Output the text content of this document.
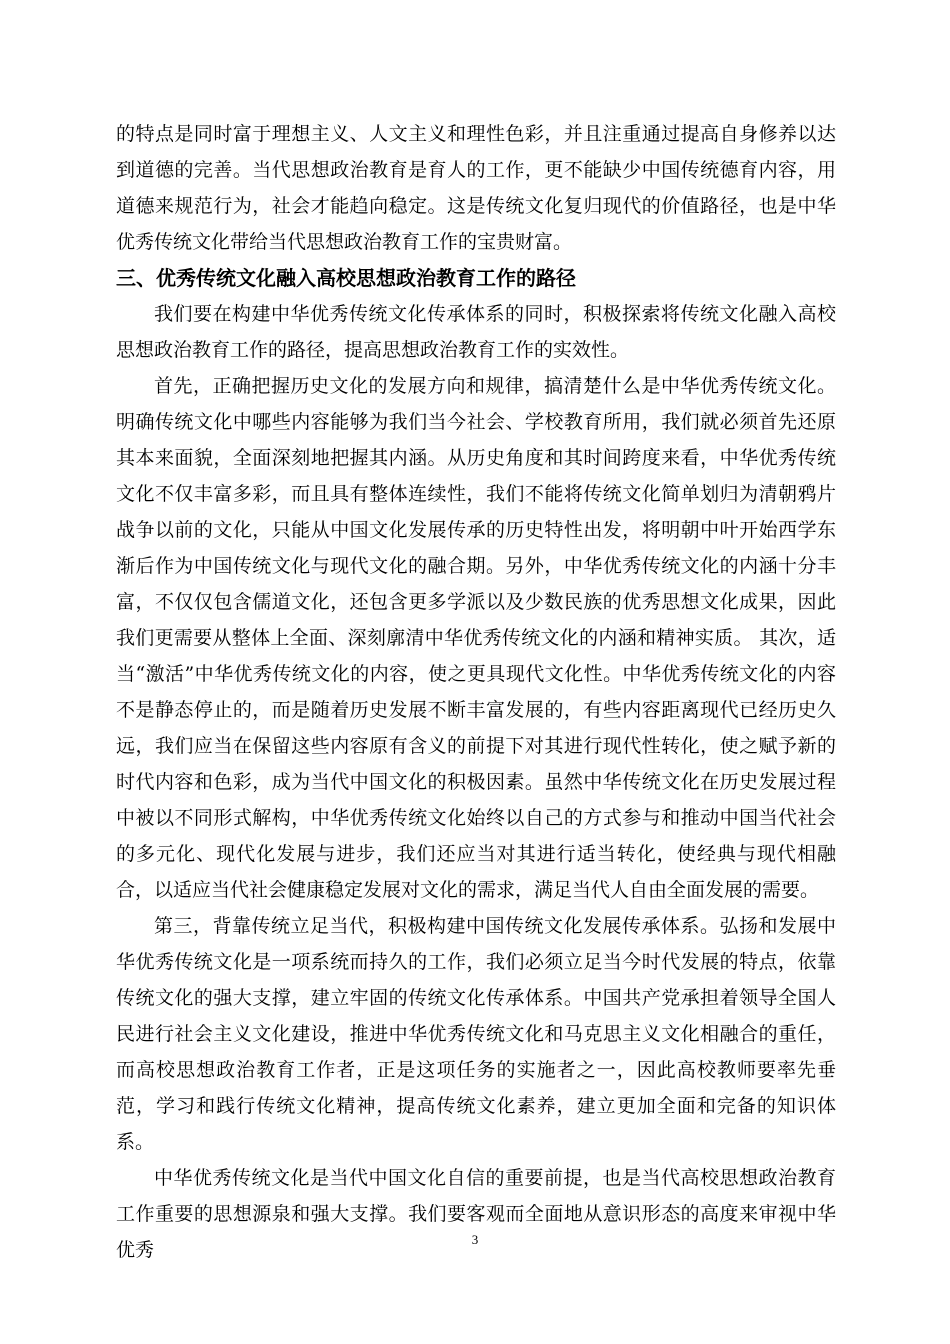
的特点是同时富于理想主义、人文主义和理性色彩，并且注重通过提高自身修养以达到道德的完善。当代思想政治教育是育人的工作，更不能缺少中国传统德育内容，用道德来规范行为，社会才能趋向稳定。这是传统文化复归现代的价值路径，也是中华优秀传统文化带给当代思想政治教育工作的宝贵财富。

三、优秀传统文化融入高校思想政治教育工作的路径

我们要在构建中华优秀传统文化传承体系的同时，积极探索将传统文化融入高校思想政治教育工作的路径，提高思想政治教育工作的实效性。

首先，正确把握历史文化的发展方向和规律，搞清楚什么是中华优秀传统文化。明确传统文化中哪些内容能够为我们当今社会、学校教育所用，我们就必须首先还原其本来面貌，全面深刻地把握其内涵。从历史角度和其时间跨度来看，中华优秀传统文化不仅丰富多彩，而且具有整体连续性，我们不能将传统文化简单划归为清朝鸦片战争以前的文化，只能从中国文化发展传承的历史特性出发，将明朝中叶开始西学东渐后作为中国传统文化与现代文化的融合期。另外，中华优秀传统文化的内涵十分丰富，不仅仅包含儒道文化，还包含更多学派以及少数民族的优秀思想文化成果，因此我们更需要从整体上全面、深刻廓清中华优秀传统文化的内涵和精神实质。 其次，适当“激活”中华优秀传统文化的内容，使之更具现代文化性。中华优秀传统文化的内容不是静态停止的，而是随着历史发展不断丰富发展的，有些内容距离现代已经历史久远，我们应当在保留这些内容原有含义的前提下对其进行现代性转化，使之赋予新的时代内容和色彩，成为当代中国文化的积极因素。虽然中华传统文化在历史发展过程中被以不同形式解构，中华优秀传统文化始终以自己的方式参与和推动中国当代社会的多元化、现代化发展与进步，我们还应当对其进行适当转化，使经典与现代相融合，以适应当代社会健康稳定发展对文化的需求，满足当代人自由全面发展的需要。

第三，背靠传统立足当代，积极构建中国传统文化发展传承体系。弘扬和发展中华优秀传统文化是一项系统而持久的工作，我们必须立足当今时代发展的特点，依靠传统文化的强大支撑，建立牢固的传统文化传承体系。中国共产党承担着领导全国人民进行社会主义文化建设，推进中华优秀传统文化和马克思主义文化相融合的重任，而高校思想政治教育工作者，正是这项任务的实施者之一，因此高校教师要率先垂范，学习和践行传统文化精神，提高传统文化素养，建立更加全面和完备的知识体系。

中华优秀传统文化是当代中国文化自信的重要前提，也是当代高校思想政治教育工作重要的思想源泉和强大支撑。我们要客观而全面地从意识形态的高度来审视中华优秀	3
